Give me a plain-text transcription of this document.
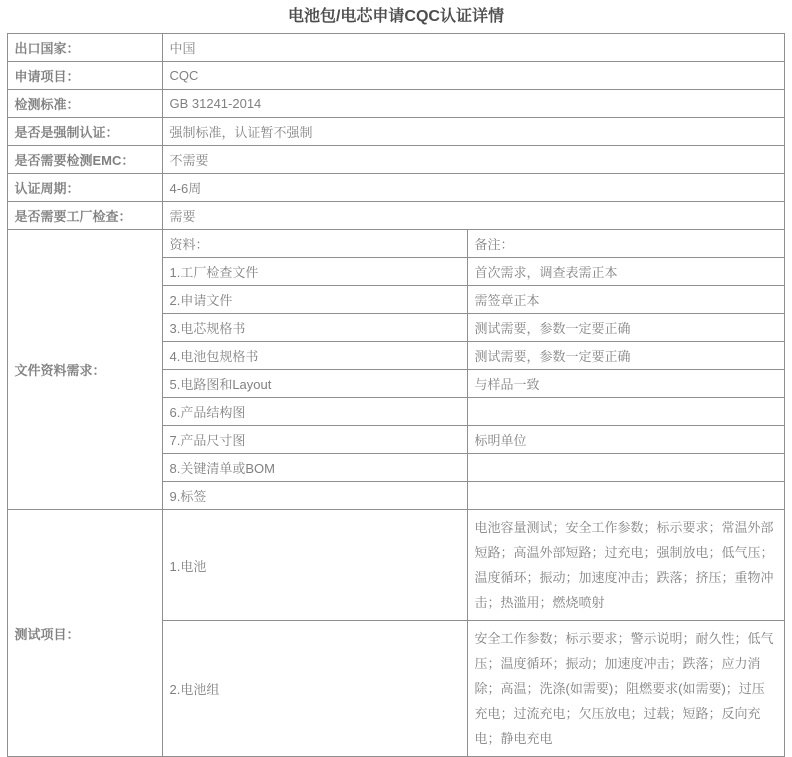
电池包/电芯申请CQC认证详情
出口国家：	中国	
申请项目：	CQC	
检测标准：	GB 31241-2014	
是否是强制认证：	强制标准，认证暂不强制	
是否需要检测EMC：	不需要	
认证周期：	4-6周	
是否需要工厂检查：	需要	
文件资料需求：	资料：	备注：
	1.工厂检查文件	首次需求，调查表需正本
	2.申请文件	需签章正本
	3.电芯规格书	测试需要，参数一定要正确
	4.电池包规格书	测试需要，参数一定要正确
	5.电路图和Layout	与样品一致
	6.产品结构图	
	7.产品尺寸图	标明单位
	8.关键清单或BOM	
	9.标签	
测试项目：	1.电池	电池容量测试；安全工作参数；标示要求；常温外部短路；高温外部短路；过充电；强制放电；低气压；温度循环；振动；加速度冲击；跌落；挤压；重物冲击；热滥用；燃烧喷射
	2.电池组	安全工作参数；标示要求；警示说明；耐久性；低气压；温度循环；振动；加速度冲击；跌落；应力消除；高温；洗涤(如需要)；阻燃要求(如需要)；过压充电；过流充电；欠压放电；过载；短路；反向充电；静电充电
